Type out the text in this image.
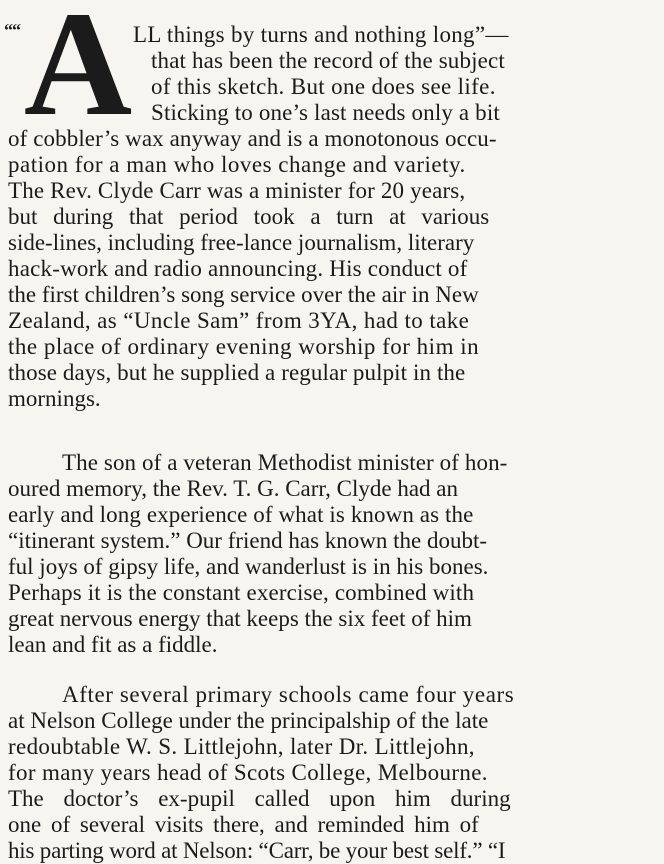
““ A LL things by turns and nothing long”—
that has been the record of the subject
of this sketch. But one does see life.
Sticking to one’s last needs only a bit
of cobbler’s wax anyway and is a monotonous occu-
pation for a man who loves change and variety.
The Rev. Clyde Carr was a minister for 20 years,
but during that period took a turn at various
side-lines, including free-lance journalism, literary
hack-work and radio announcing. His conduct of
the first children’s song service over the air in New
Zealand, as “Uncle Sam” from 3YA, had to take
the place of ordinary evening worship for him in
those days, but he supplied a regular pulpit in the
mornings.
The son of a veteran Methodist minister of hon-
oured memory, the Rev. T. G. Carr, Clyde had an
early and long experience of what is known as the
“itinerant system.” Our friend has known the doubt-
ful joys of gipsy life, and wanderlust is in his bones.
Perhaps it is the constant exercise, combined with
great nervous energy that keeps the six feet of him
lean and fit as a fiddle.
After several primary schools came four years
at Nelson College under the principalship of the late
redoubtable W. S. Littlejohn, later Dr. Littlejohn,
for many years head of Scots College, Melbourne.
The doctor’s ex-pupil called upon him during
one of several visits there, and reminded him of
his parting word at Nelson: “Carr, be your best self.” “I
